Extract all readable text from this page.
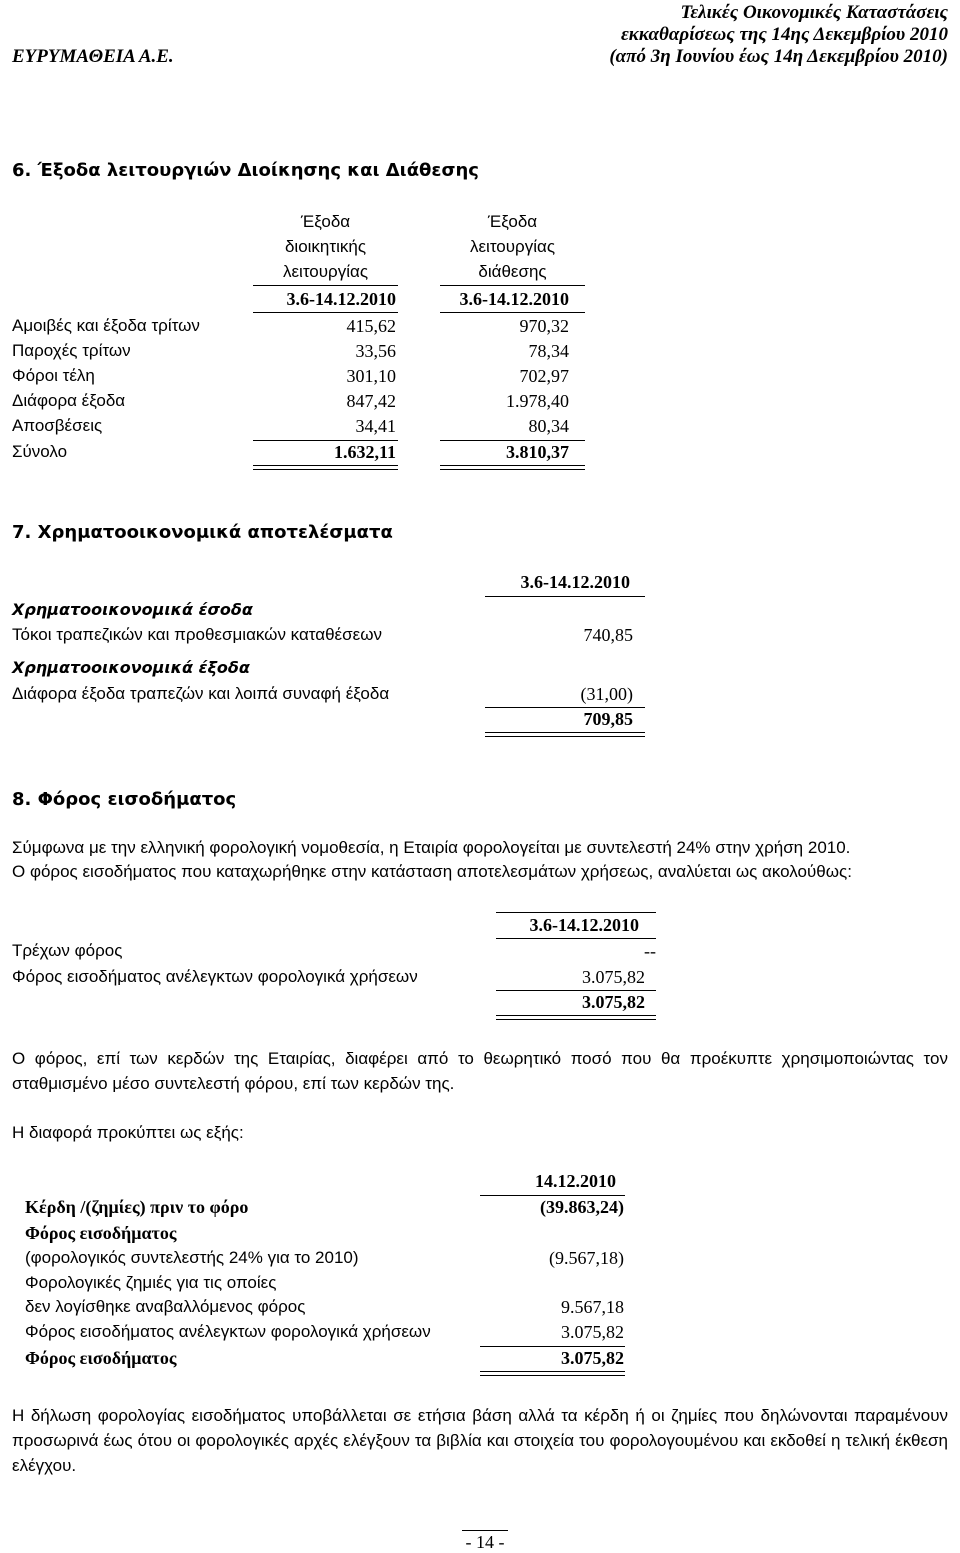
ΕΥΡΥΜΑΘΕΙΑ Α.Ε.
Τελικές Οικονομικές Καταστάσεις
εκκαθαρίσεως της 14ης Δεκεμβρίου 2010
(από 3η Ιουνίου έως 14η Δεκεμβρίου 2010)
6. Έξοδα λειτουργιών Διοίκησης και Διάθεσης
Έξοδα
διοικητικής
λειτουργίας
Έξοδα
λειτουργίας
διάθεσης
3.6-14.12.2010	3.6-14.12.2010
Αμοιβές και έξοδα τρίτων	415,62	970,32
Παροχές τρίτων	33,56	78,34
Φόροι τέλη	301,10	702,97
Διάφορα έξοδα	847,42	1.978,40
Αποσβέσεις	34,41	80,34
Σύνολο	1.632,11	3.810,37
7. Χρηματοοικονομικά αποτελέσματα
3.6-14.12.2010
Χρηματοοικονομικά έσοδα
Τόκοι τραπεζικών και προθεσμιακών καταθέσεων	740,85
Χρηματοοικονομικά έξοδα
Διάφορα έξοδα τραπεζών και λοιπά συναφή έξοδα	(31,00)
709,85
8. Φόρος εισοδήματος
Σύμφωνα με την ελληνική φορολογική νομοθεσία, η Εταιρία φορολογείται με συντελεστή 24% στην χρήση 2010.
Ο φόρος εισοδήματος που καταχωρήθηκε στην κατάσταση αποτελεσμάτων χρήσεως, αναλύεται ως ακολούθως:
3.6-14.12.2010
Τρέχων φόρος	--
Φόρος εισοδήματος ανέλεγκτων φορολογικά χρήσεων	3.075,82
3.075,82
Ο φόρος, επί των κερδών της Εταιρίας, διαφέρει από το θεωρητικό ποσό που θα προέκυπτε χρησιμοποιώντας τον σταθμισμένο μέσο συντελεστή φόρου, επί των κερδών της.
Η διαφορά προκύπτει ως εξής:
14.12.2010
Κέρδη /(ζημίες) πριν το φόρο	(39.863,24)
Φόρος εισοδήματος
(φορολογικός συντελεστής 24% για το 2010)	(9.567,18)
Φορολογικές ζημιές για τις οποίες
δεν λογίσθηκε αναβαλλόμενος φόρος	9.567,18
Φόρος εισοδήματος ανέλεγκτων φορολογικά χρήσεων	3.075,82
Φόρος εισοδήματος	3.075,82
Η δήλωση φορολογίας εισοδήματος υποβάλλεται σε ετήσια βάση αλλά τα κέρδη ή οι ζημίες που δηλώνονται παραμένουν προσωρινά έως ότου οι φορολογικές αρχές ελέγξουν τα βιβλία και στοιχεία του φορολογουμένου και εκδοθεί η τελική έκθεση ελέγχου.
- 14 -
